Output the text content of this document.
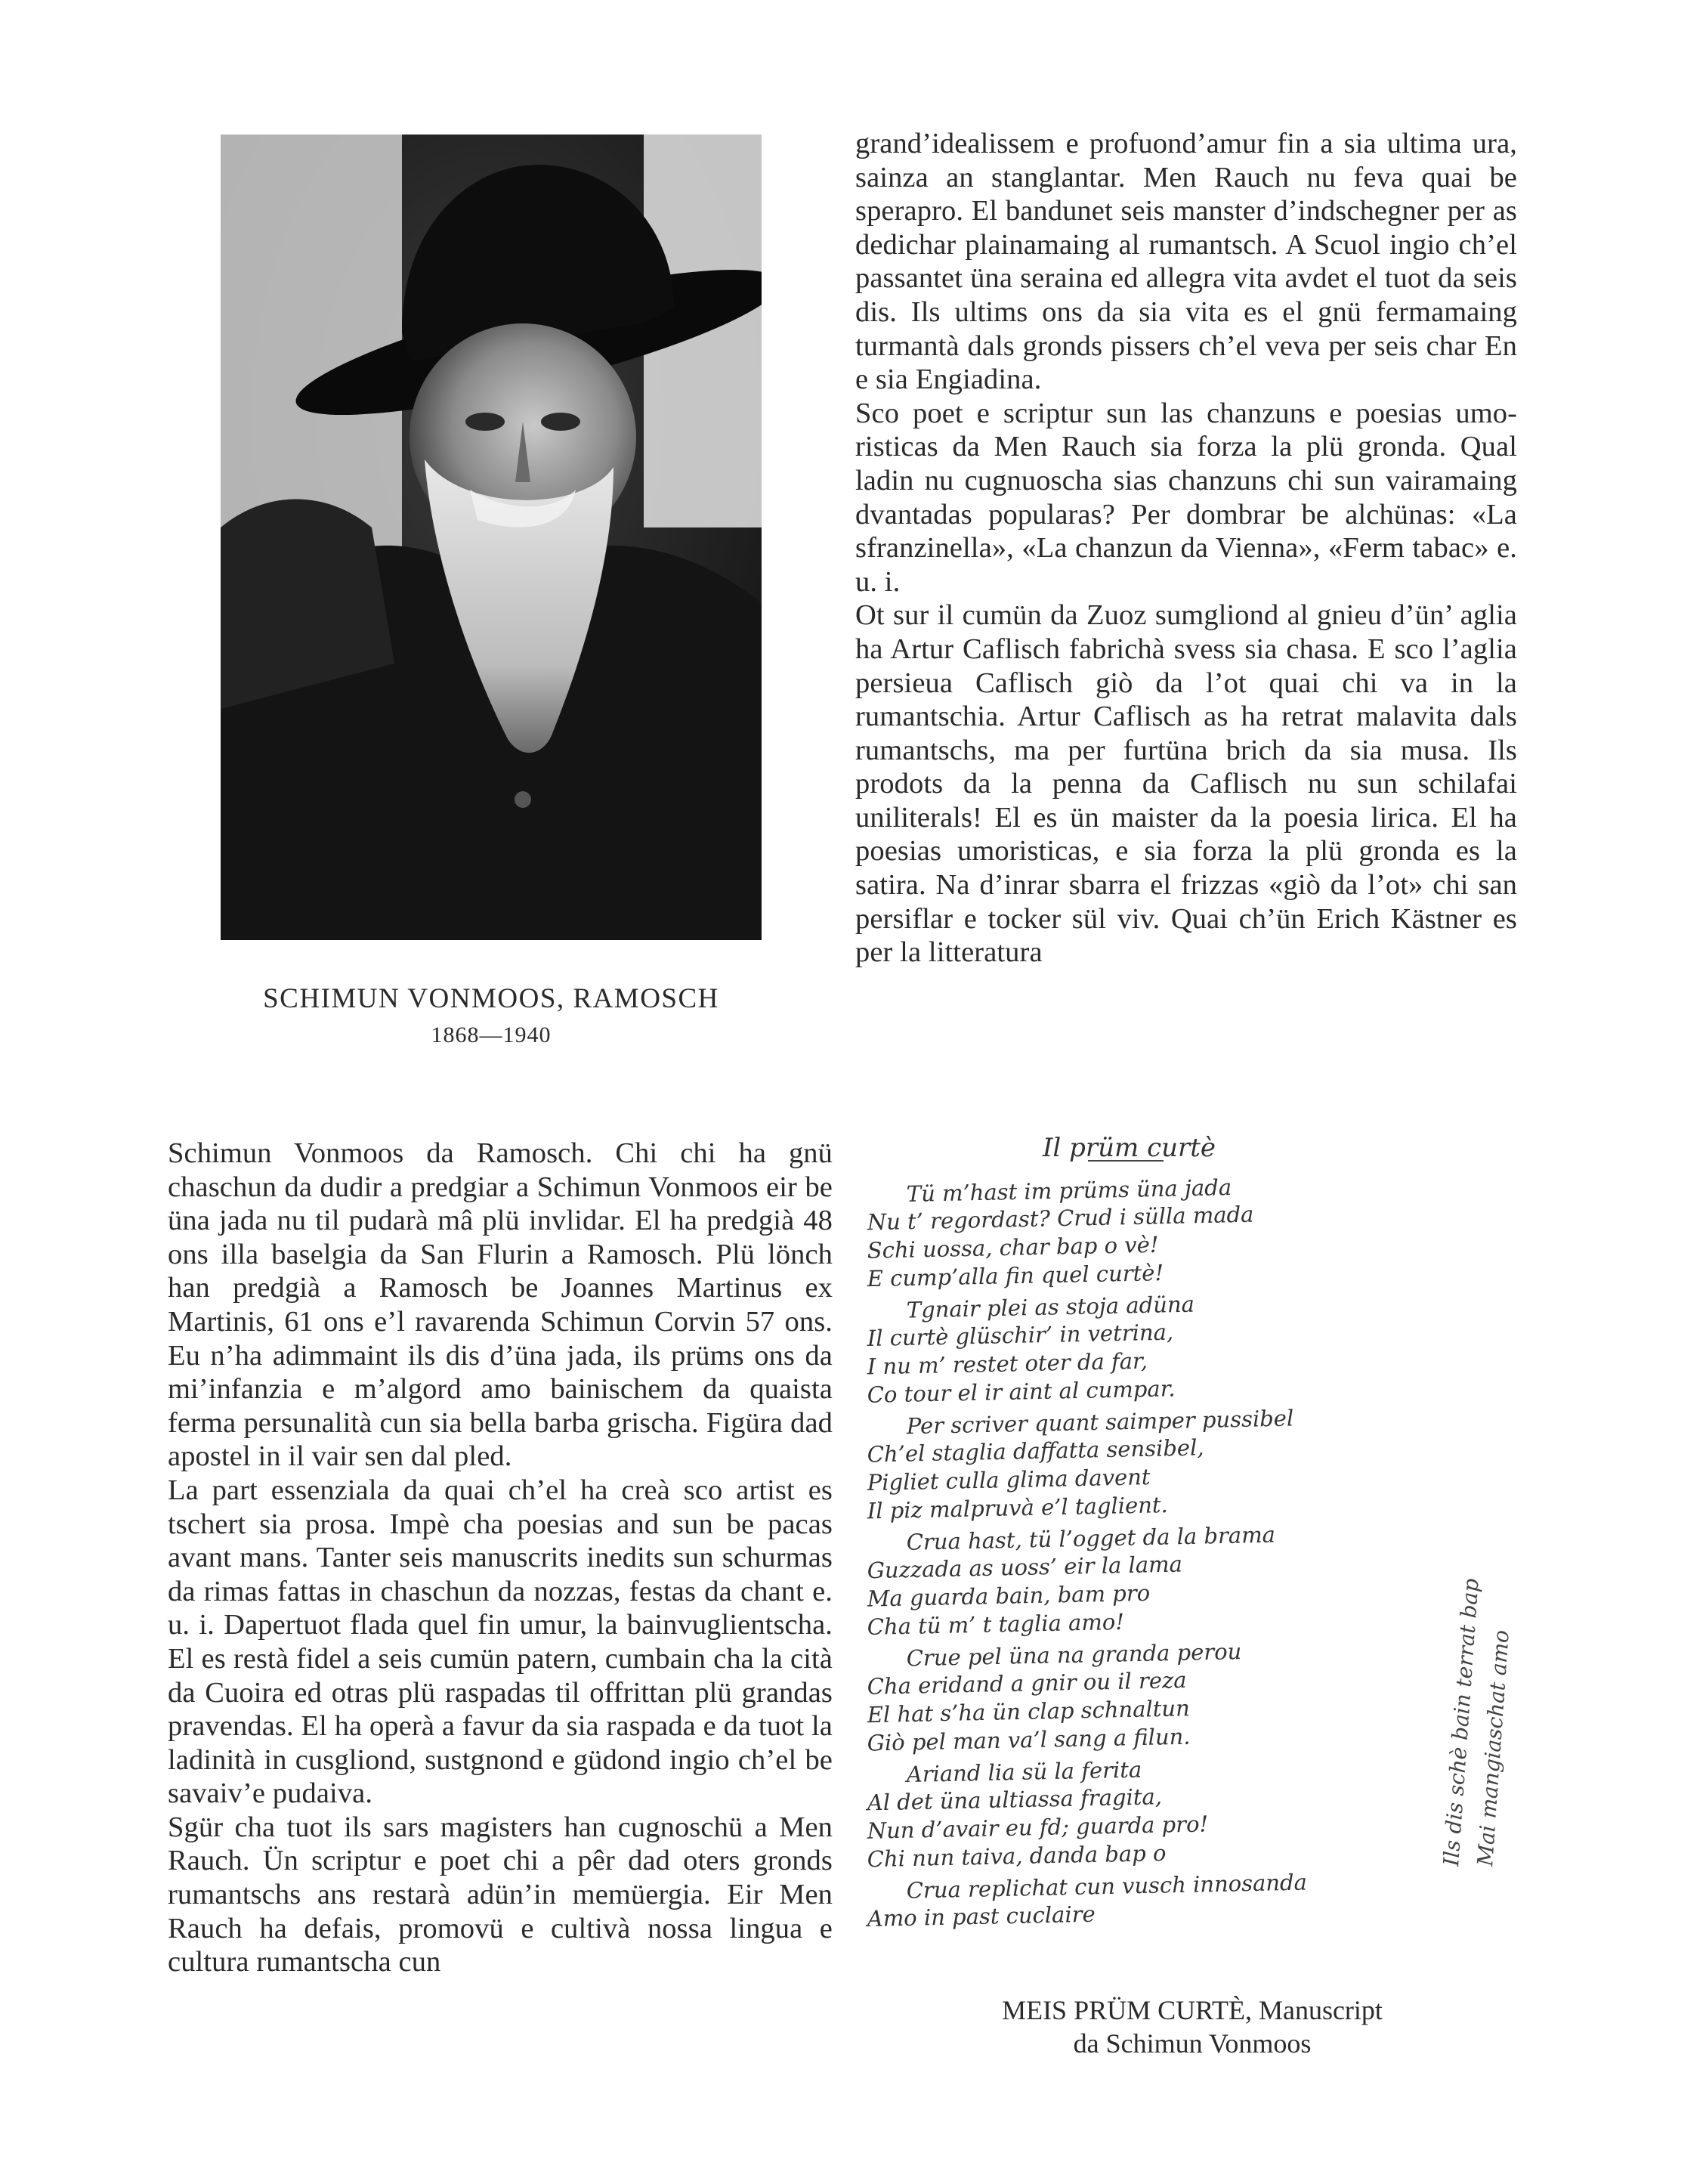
SCHIMUN VONMOOS, RAMOSCH
1868—1940

grand’idealissem e profuond’amur fin a sia ultima ura, sainza an stanglantar. Men Rauch nu feva quai be sperapro. El bandunet seis manster d’indschegner per as dedichar plainamaing al rumantsch. A Scuol ingio ch’el passantet üna seraina ed allegra vita avdet el tuot da seis dis. Ils ultims ons da sia vita es el gnü fermamaing turmantà dals gronds pissers ch’el veva per seis char En e sia Engiadina.

Sco poet e scriptur sun las chanzuns e poesias umoristicas da Men Rauch sia forza la plü gronda. Qual ladin nu cugnuoscha sias chanzuns chi sun vairamaing dvantadas popularas? Per dombrar be alchünas: «La sfranzinella», «La chanzun da Vienna», «Ferm tabac» e. u. i.

Ot sur il cumün da Zuoz sumgliond al gnieu d’ün’ aglia ha Artur Caflisch fabrichà svess sia chasa. E sco l’aglia persieua Caflisch giò da l’ot quai chi va in la rumantschia. Artur Caflisch as ha retrat malavita dals rumantschs, ma per furtüna brich da sia musa. Ils prodots da la penna da Caflisch nu sun schilafai uniliterals! El es ün maister da la poesia lirica. El ha poesias umoristicas, e sia forza la plü gronda es la satira. Na d’inrar sbarra el frizzas «giò da l’ot» chi san persiflar e tocker sül viv. Quai ch’ün Erich Kästner es per la litteratura

Schimun Vonmoos da Ramosch. Chi chi ha gnü chaschun da dudir a predgiar a Schimun Vonmoos eir be üna jada nu til pudarà mâ plü invlidar. El ha predgià 48 ons illa baselgia da San Flurin a Ramosch. Plü lönch han predgià a Ramosch be Joannes Martinus ex Martinis, 61 ons e’l ravarenda Schimun Corvin 57 ons. Eu n’ha adimmaint ils dis d’üna jada, ils prüms ons da mi’infanzia e m’algord amo bainischem da quaista ferma persunalità cun sia bella barba grischa. Figüra dad apostel in il vair sen dal pled.

La part essenziala da quai ch’el ha creà sco artist es tschert sia prosa. Impè cha poesias and sun be pacas avant mans. Tanter seis manuscrits inedits sun schurmas da rimas fattas in chaschun da nozzas, festas da chant e. u. i. Dapertuot flada quel fin umur, la bainvuglientscha. El es restà fidel a seis cumün patern, cumbain cha la cità da Cuoira ed otras plü raspadas til offrittan plü grandas pravendas. El ha operà a favur da sia raspada e da tuot la ladinità in cusgliond, sustgnond e güdond ingio ch’el be savaiv’e pudaiva.

Sgür cha tuot ils sars magisters han cugnoschü a Men Rauch. Ün scriptur e poet chi a pêr dad oters gronds rumantschs ans restarà adün’in memüergia. Eir Men Rauch ha defais, promovü e cultivà nossa lingua e cultura rumantscha cun

Il prüm curtè
Tü m’hast im prüms üna jada
Nu t’ regordast? Crud i sülla mada
Schi uossa, char bap o vè!
E cump’alla fin quel curtè!
Tgnair plei as stoja adüna
Il curtè glüschir’ in vetrina,
I nu m’ restet oter da far,
Co tour el ir aint al cumpar.
Per scriver quant saimper pussibel
Ch’el staglia daffatta sensibel,
Pigliet culla glima davent
Il piz malpruvà e’l taglient.
Crua hast, tü l’ogget da la brama
Guzzada as uoss’ eir la lama
Ma guarda bain, bam pro
Cha tü m’ t taglia amo!
Crue pel üna na granda perou
Cha eridand a gnir ou il reza
El hat s’ha ün clap schnaltun
Giò pel man va’l sang a filun.
Ariand lia sü la ferita
Al det üna ultiassa fragita,
Nun d’avair eu fd; guarda pro!
Chi nun taiva, danda bap o
Crua replichat cun vusch innosanda
Amo in past cuclaire
Ils dis schè bain terrat bap
Mai mangiaschat amo
MEIS PRÜM CURTÈ, Manuscript
da Schimun Vonmoos
